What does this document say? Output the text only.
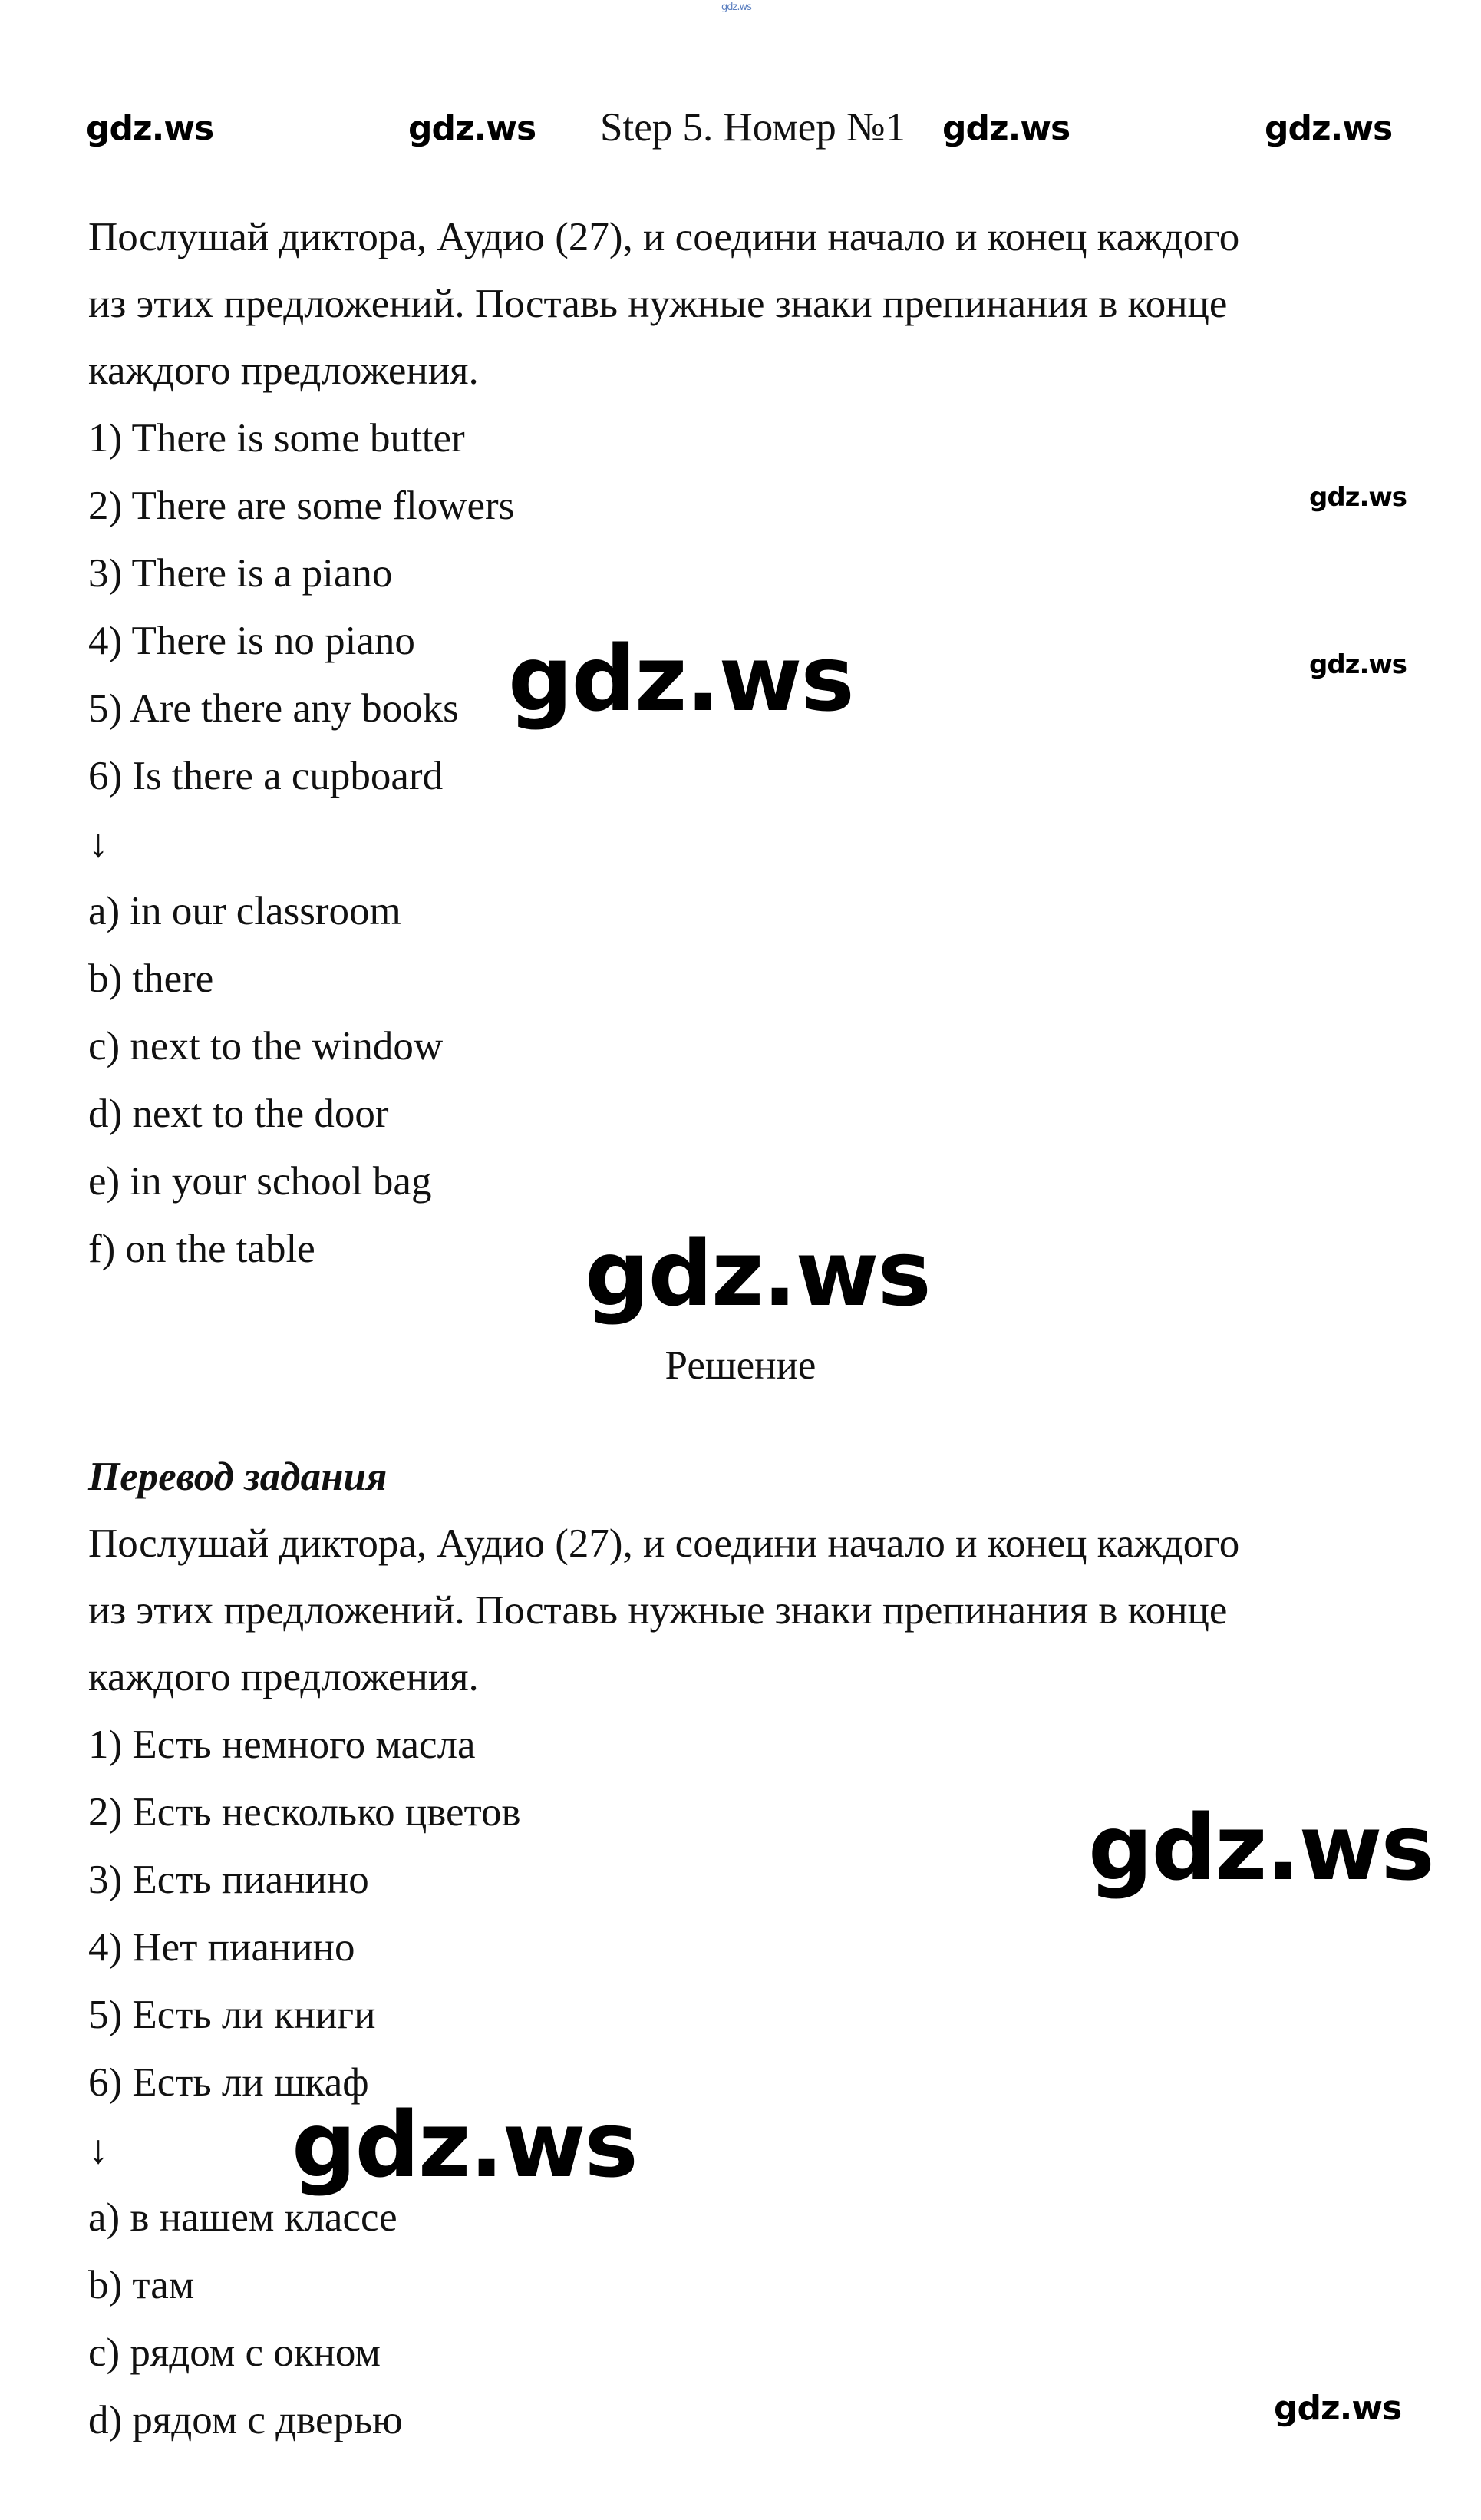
gdz.ws
gdz.ws	gdz.ws Step 5. Номер №1 gdz.ws	gdz.ws
Послушай диктора, Аудио (27), и соедини начало и конец каждого
из этих предложений. Поставь нужные знаки препинания в конце
каждого предложения.
1) There is some butter
2) There are some flowers
3) There is a piano
4) There is no piano
5) Are there any books
6) Is there a cupboard
↓
a) in our classroom
b) there
c) next to the window
d) next to the door
e) in your school bag
f) on the table
gdz.ws
gdz.ws
gdz.ws
gdz.ws
Решение
Перевод задания
Послушай диктора, Аудио (27), и соедини начало и конец каждого
из этих предложений. Поставь нужные знаки препинания в конце
каждого предложения.
1) Есть немного масла
2) Есть несколько цветов
3) Есть пианино
4) Нет пианино
5) Есть ли книги
6) Есть ли шкаф
↓
a) в нашем классе
b) там
c) рядом с окном
d) рядом с дверью
gdz.ws
gdz.ws
gdz.ws
